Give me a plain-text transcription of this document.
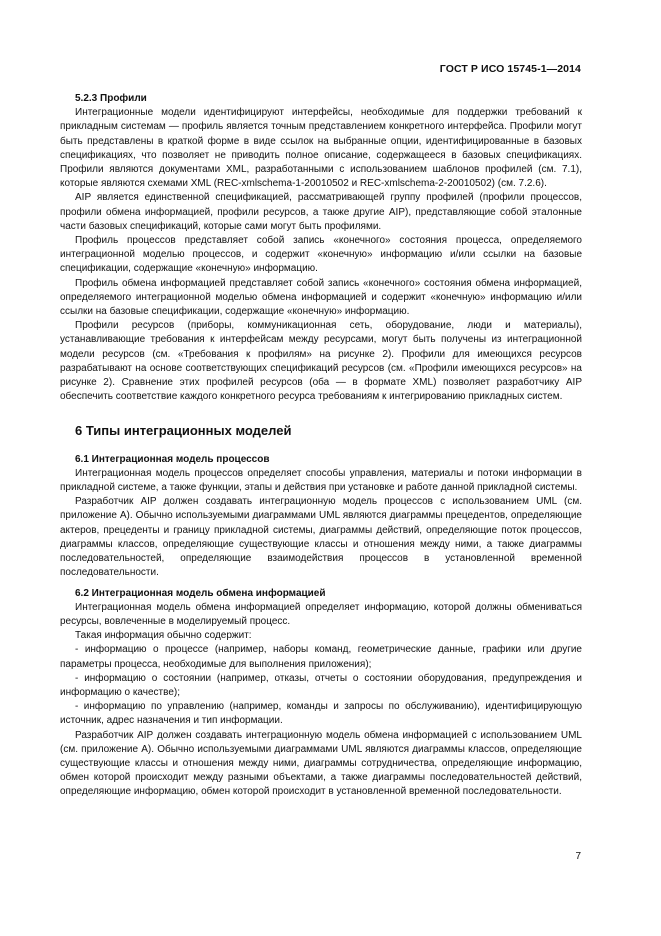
ГОСТ Р ИСО 15745-1—2014
5.2.3 Профили

Интеграционные модели идентифицируют интерфейсы, необходимые для поддержки требований к прикладным системам — профиль является точным представлением конкретного интерфейса. Профили могут быть представлены в краткой форме в виде ссылок на выбранные опции, идентифицированные в базовых спецификациях, что позволяет не приводить полное описание, содержащееся в базовых спецификациях. Профили являются документами XML, разработанными с использованием шаблонов профилей (см. 7.1), которые являются схемами XML (REC-xmlschema-1-20010502 и REC-xmlschema-2-20010502) (см. 7.2.6).

AIP является единственной спецификацией, рассматривающей группу профилей (профили процессов, профили обмена информацией, профили ресурсов, а также другие AIP), представляющие собой эталонные части базовых спецификаций, которые сами могут быть профилями.

Профиль процессов представляет собой запись «конечного» состояния процесса, определяемого интеграционной моделью процессов, и содержит «конечную» информацию и/или ссылки на базовые спецификации, содержащие «конечную» информацию.

Профиль обмена информацией представляет собой запись «конечного» состояния обмена информацией, определяемого интеграционной моделью обмена информацией и содержит «конечную» информацию и/или ссылки на базовые спецификации, содержащие «конечную» информацию.

Профили ресурсов (приборы, коммуникационная сеть, оборудование, люди и материалы), устанавливающие требования к интерфейсам между ресурсами, могут быть получены из интеграционной модели ресурсов (см. «Требования к профилям» на рисунке 2). Профили для имеющихся ресурсов разрабатывают на основе соответствующих спецификаций ресурсов (см. «Профили имеющихся ресурсов» на рисунке 2). Сравнение этих профилей ресурсов (оба — в формате XML) позволяет разработчику AIP обеспечить соответствие каждого конкретного ресурса требованиям к интегрированию прикладных систем.

6 Типы интеграционных моделей
6.1 Интеграционная модель процессов

Интеграционная модель процессов определяет способы управления, материалы и потоки информации в прикладной системе, а также функции, этапы и действия при установке и работе данной прикладной системы.

Разработчик AIP должен создавать интеграционную модель процессов с использованием UML (см. приложение А). Обычно используемыми диаграммами UML являются диаграммы прецедентов, определяющие актеров, прецеденты и границу прикладной системы, диаграммы действий, определяющие поток процессов, диаграммы классов, определяющие существующие классы и отношения между ними, а также диаграммы последовательностей, определяющие взаимодействия процессов в установленной временной последовательности.

6.2 Интеграционная модель обмена информацией

Интеграционная модель обмена информацией определяет информацию, которой должны обмениваться ресурсы, вовлеченные в моделируемый процесс.

Такая информация обычно содержит:

- информацию о процессе (например, наборы команд, геометрические данные, графики или другие параметры процесса, необходимые для выполнения приложения);

- информацию о состоянии (например, отказы, отчеты о состоянии оборудования, предупреждения и информацию о качестве);

- информацию по управлению (например, команды и запросы по обслуживанию), идентифицирующую источник, адрес назначения и тип информации.

Разработчик AIP должен создавать интеграционную модель обмена информацией с использованием UML (см. приложение А). Обычно используемыми диаграммами UML являются диаграммы классов, определяющие существующие классы и отношения между ними, диаграммы сотрудничества, определяющие информацию, обмен которой происходит между разными объектами, а также диаграммы последовательностей действий, определяющие информацию, обмен которой происходит в установленной временной последовательности.

7
